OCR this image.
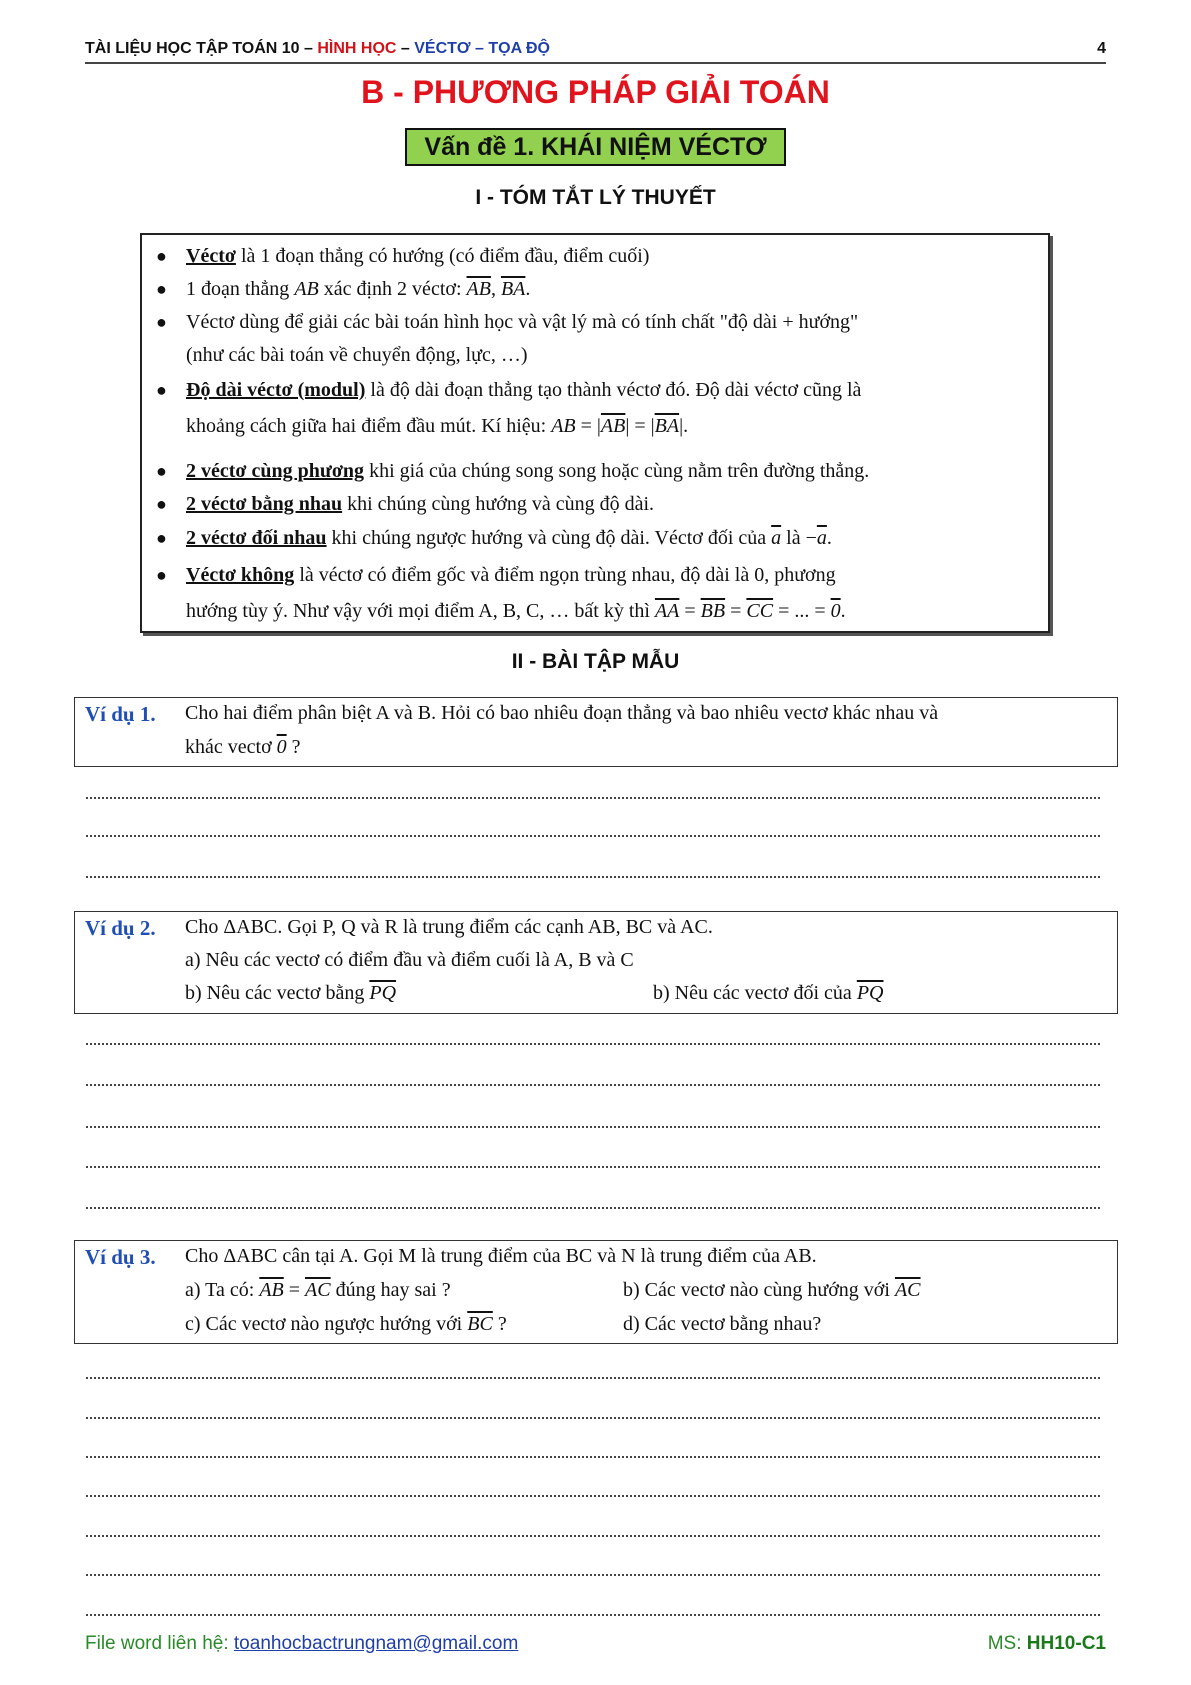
TÀI LIỆU HỌC TẬP TOÁN 10 – HÌNH HỌC – VÉCTƠ – TỌA ĐỘ	4
B - PHƯƠNG PHÁP GIẢI TOÁN
Vấn đề 1. KHÁI NIỆM VÉCTƠ
I - TÓM TẮT LÝ THUYẾT
● Véctơ là 1 đoạn thẳng có hướng (có điểm đầu, điểm cuối)
● 1 đoạn thẳng AB xác định 2 véctơ: $\overline{AB}$, $\overline{BA}$.
● Véctơ dùng để giải các bài toán hình học và vật lý mà có tính chất "độ dài + hướng"
(như các bài toán về chuyển động, lực, …)
● Độ dài véctơ (modul) là độ dài đoạn thẳng tạo thành véctơ đó. Độ dài véctơ cũng là
khoảng cách giữa hai điểm đầu mút. Kí hiệu: AB = $|\overline{AB}| = |\overline{BA}|$.
● 2 véctơ cùng phương khi giá của chúng song song hoặc cùng nằm trên đường thẳng.
● 2 véctơ bằng nhau khi chúng cùng hướng và cùng độ dài.
● 2 véctơ đối nhau khi chúng ngược hướng và cùng độ dài. Véctơ đối của $\overline{a}$ là $-\overline{a}$.
● Véctơ không là véctơ có điểm gốc và điểm ngọn trùng nhau, độ dài là 0, phương
hướng tùy ý. Như vậy với mọi điểm A, B, C, … bất kỳ thì $\overline{AA} = \overline{BB} = \overline{CC}$ = ... = 0.
II - BÀI TẬP MẪU
Ví dụ 1. Cho hai điểm phân biệt A và B. Hỏi có bao nhiêu đoạn thẳng và bao nhiêu vectơ khác nhau và
khác vectơ 0 ?
Ví dụ 2. Cho ΔABC. Gọi P, Q và R là trung điểm các cạnh AB, BC và AC.
a) Nêu các vectơ có điểm đầu và điểm cuối là A, B và C
b) Nêu các vectơ bằng $\overline{PQ}$	b) Nêu các vectơ đối của $\overline{PQ}$
Ví dụ 3. Cho ΔABC cân tại A. Gọi M là trung điểm của BC và N là trung điểm của AB.
a) Ta có: $\overline{AB} = \overline{AC}$ đúng hay sai ?	b) Các vectơ nào cùng hướng với $\overline{AC}$
c) Các vectơ nào ngược hướng với $\overline{BC}$ ?	d) Các vectơ bằng nhau?
File word liên hệ: toanhocbactrungnam@gmail.com	MS: HH10-C1
